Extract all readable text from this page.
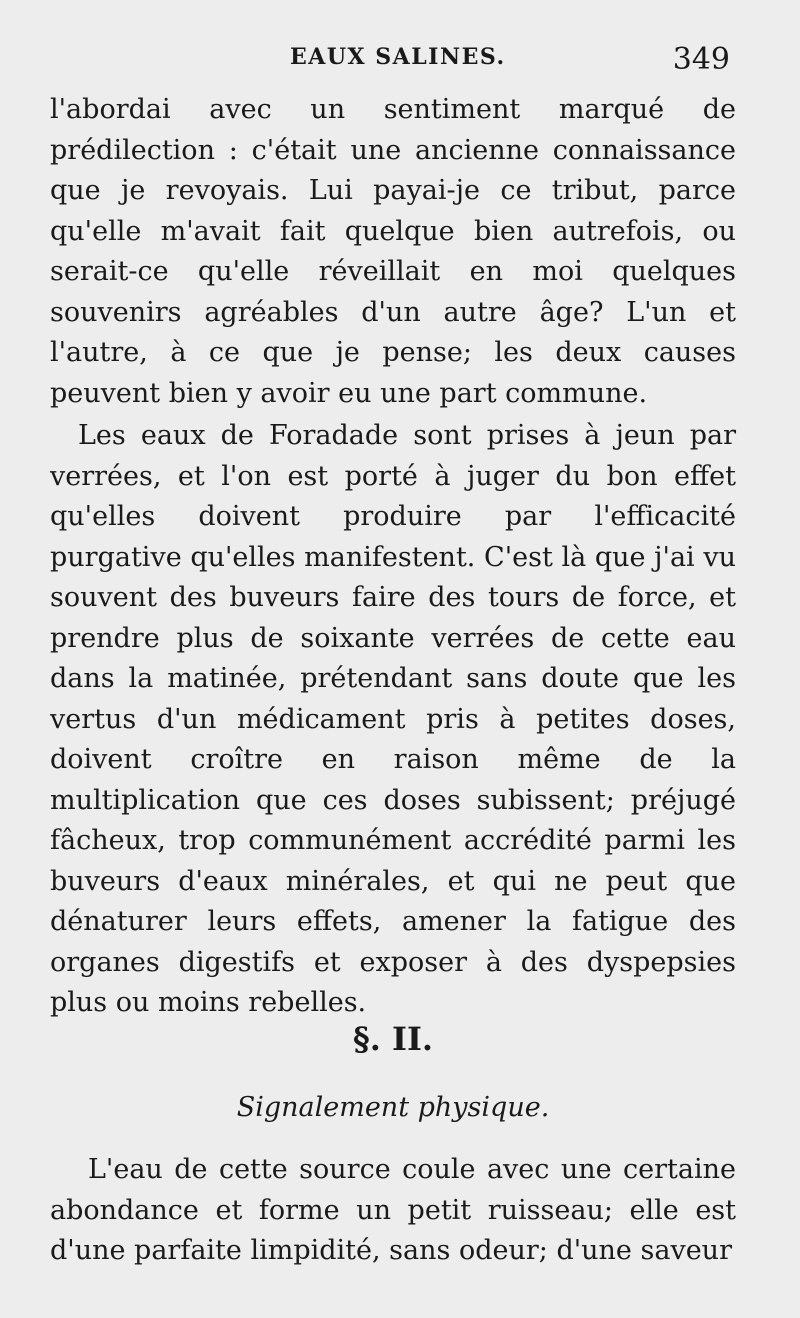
EAUX SALINES.	349

l'abordai avec un sentiment marqué de prédilection : c'était une ancienne connaissance que je revoyais. Lui payai-je ce tribut, parce qu'elle m'avait fait quelque bien autrefois, ou serait-ce qu'elle réveillait en moi quelques souvenirs agréables d'un autre âge? L'un et l'autre, à ce que je pense; les deux causes peuvent bien y avoir eu une part commune.

Les eaux de Foradade sont prises à jeun par verrées, et l'on est porté à juger du bon effet qu'elles doivent produire par l'efficacité purgative qu'elles manifestent. C'est là que j'ai vu souvent des buveurs faire des tours de force, et prendre plus de soixante verrées de cette eau dans la matinée, prétendant sans doute que les vertus d'un médicament pris à petites doses, doivent croître en raison même de la multiplication que ces doses subissent; préjugé fâcheux, trop communément accrédité parmi les buveurs d'eaux minérales, et qui ne peut que dénaturer leurs effets, amener la fatigue des organes digestifs et exposer à des dyspepsies plus ou moins rebelles.

§. II.
Signalement physique.

L'eau de cette source coule avec une certaine abondance et forme un petit ruisseau; elle est d'une parfaite limpidité, sans odeur; d'une saveur
